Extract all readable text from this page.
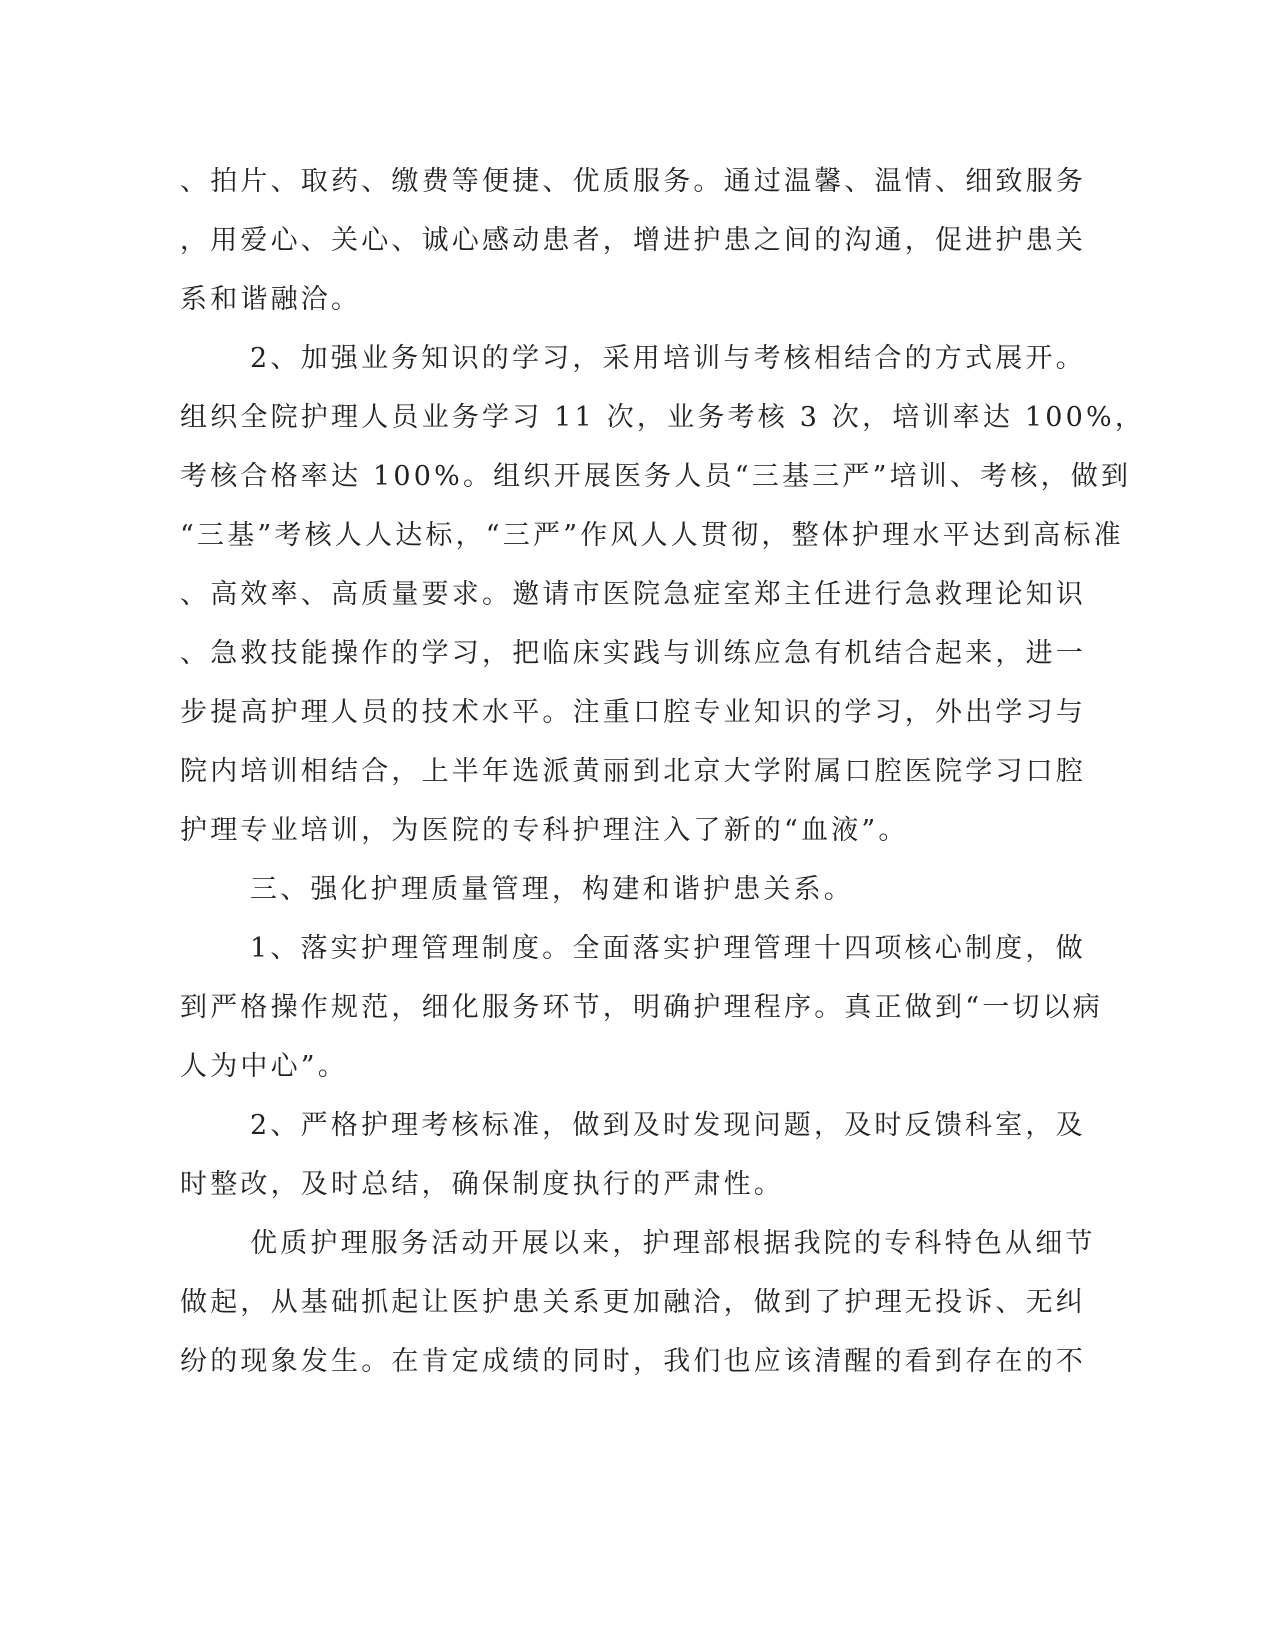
、拍片、取药、缴费等便捷、优质服务。通过温馨、温情、细致服务
，用爱心、关心、诚心感动患者，增进护患之间的沟通，促进护患关
系和谐融洽。
2、加强业务知识的学习，采用培训与考核相结合的方式展开。
组织全院护理人员业务学习 11 次，业务考核 3 次，培训率达 100%，
考核合格率达 100%。组织开展医务人员“三基三严”培训、考核，做到
“三基”考核人人达标，“三严”作风人人贯彻，整体护理水平达到高标准
、高效率、高质量要求。邀请市医院急症室郑主任进行急救理论知识
、急救技能操作的学习，把临床实践与训练应急有机结合起来，进一
步提高护理人员的技术水平。注重口腔专业知识的学习，外出学习与
院内培训相结合，上半年选派黄丽到北京大学附属口腔医院学习口腔
护理专业培训，为医院的专科护理注入了新的“血液”。
三、强化护理质量管理，构建和谐护患关系。
1、落实护理管理制度。全面落实护理管理十四项核心制度，做
到严格操作规范，细化服务环节，明确护理程序。真正做到“一切以病
人为中心”。
2、严格护理考核标准，做到及时发现问题，及时反馈科室，及
时整改，及时总结，确保制度执行的严肃性。
优质护理服务活动开展以来，护理部根据我院的专科特色从细节
做起，从基础抓起让医护患关系更加融洽，做到了护理无投诉、无纠
纷的现象发生。在肯定成绩的同时，我们也应该清醒的看到存在的不
